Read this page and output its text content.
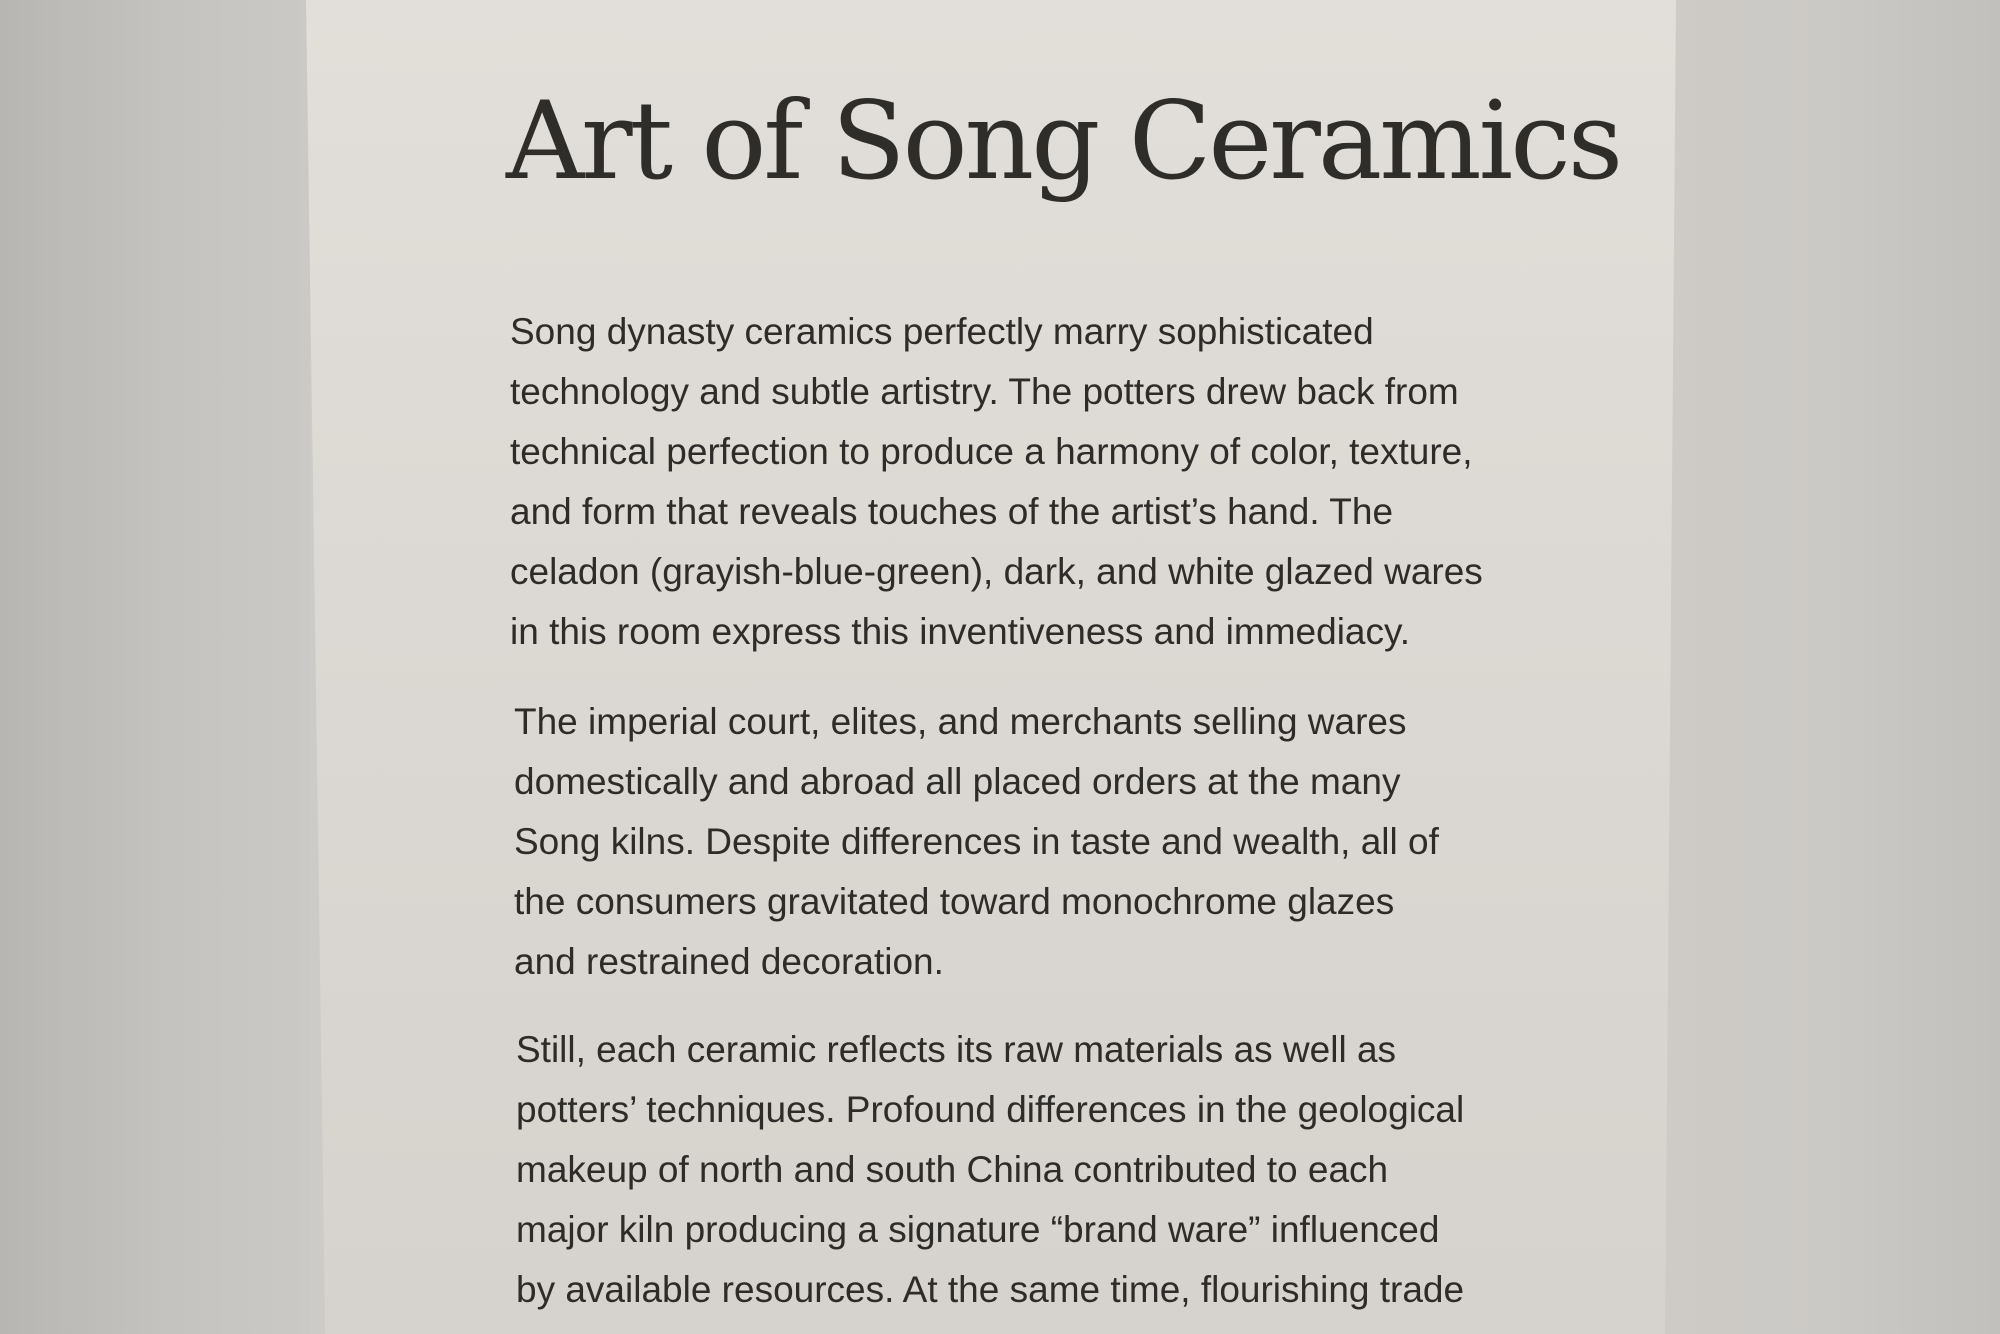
Art of Song Ceramics
Song dynasty ceramics perfectly marry sophisticated
technology and subtle artistry. The potters drew back from
technical perfection to produce a harmony of color, texture,
and form that reveals touches of the artist’s hand. The
celadon (grayish-blue-green), dark, and white glazed wares
in this room express this inventiveness and immediacy.
The imperial court, elites, and merchants selling wares
domestically and abroad all placed orders at the many
Song kilns. Despite differences in taste and wealth, all of
the consumers gravitated toward monochrome glazes
and restrained decoration.
Still, each ceramic reflects its raw materials as well as
potters’ techniques. Profound differences in the geological
makeup of north and south China contributed to each
major kiln producing a signature “brand ware” influenced
by available resources. At the same time, flourishing trade
